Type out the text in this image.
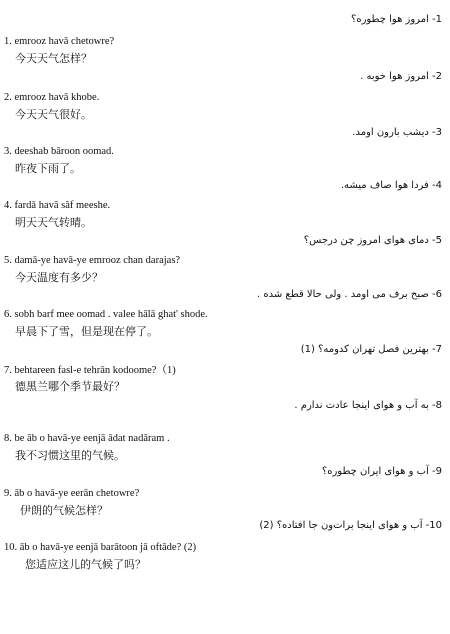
1- امروز هوا چطوره؟
1. emrooz havā chetowre?
今天天气怎样？
2- امروز هوا خوبه .
2. emrooz havā khobe.
今天天气很好。
3- دیشب بارون اومد.
3. deeshab bāroon oomad.
昨夜下雨了。
4- فردا هوا صاف میشه.
4. fardā havā sāf meeshe.
明天天气转晴。
5- دمای هوای امروز چن درجس؟
5. damā-ye havā-ye emrooz chan darajas?
今天温度有多少？
6- صبح برف می اومد . ولی حالا قطع شده .
6. sobh barf mee oomad . valee hālā ghat' shode.
早晨下了雪，但是现在停了。
7- بهترین فصل تهران کدومه؟ (1)
7. behtareen fasl-e tehrān kodoome?（1)
德黑兰哪个季节最好？
8- به آب و هوای اینجا عادت ندارم .
8. be āb o havā-ye eenjā ādat nadāram .
我不习惯这里的气候。
9- آب و هوای ایران چطوره؟
9. āb o havā-ye eerān chetowre?
伊朗的气候怎样？
10- آب و هوای اینجا برات‌ون جا افتاده؟ (2)
10. āb o havā-ye eenjā barātoon jā oftāde? (2)
您适应这儿的气候了吗？
